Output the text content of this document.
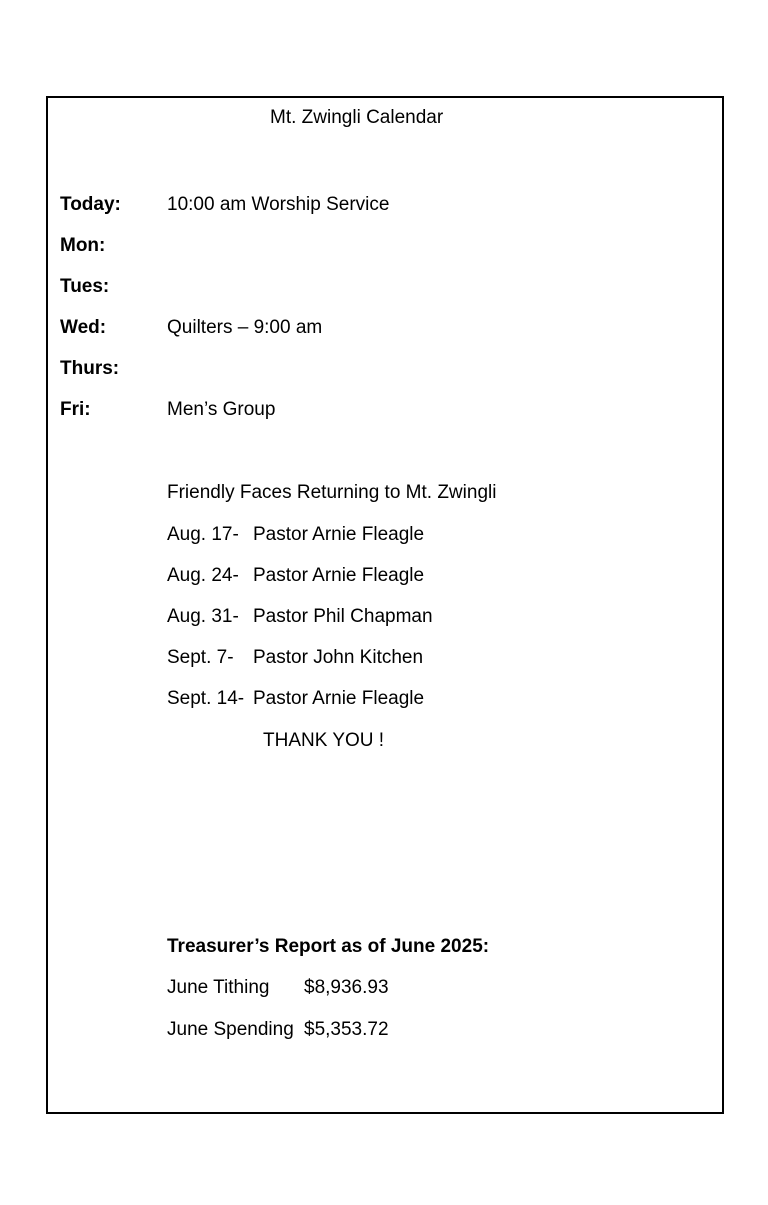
Mt. Zwingli Calendar
Today: 10:00 am Worship Service
Mon:
Tues:
Wed:	Quilters – 9:00 am
Thurs:
Fri:	Men’s Group
Friendly Faces Returning to Mt. Zwingli
Aug. 17- Pastor Arnie Fleagle
Aug. 24- Pastor Arnie Fleagle
Aug. 31- Pastor Phil Chapman
Sept. 7- Pastor John Kitchen
Sept. 14- Pastor Arnie Fleagle
THANK YOU !
Treasurer’s Report as of June 2025:
June Tithing $8,936.93
June Spending $5,353.72
